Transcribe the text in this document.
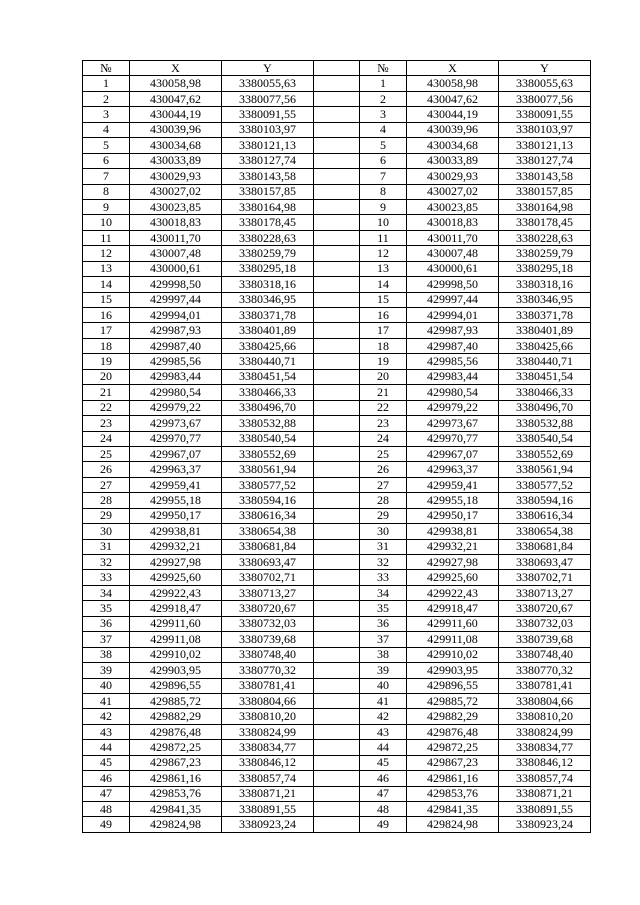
№	X	Y		№	X	Y
1	430058,98	3380055,63		1	430058,98	3380055,63
2	430047,62	3380077,56		2	430047,62	3380077,56
3	430044,19	3380091,55		3	430044,19	3380091,55
4	430039,96	3380103,97		4	430039,96	3380103,97
5	430034,68	3380121,13		5	430034,68	3380121,13
6	430033,89	3380127,74		6	430033,89	3380127,74
7	430029,93	3380143,58		7	430029,93	3380143,58
8	430027,02	3380157,85		8	430027,02	3380157,85
9	430023,85	3380164,98		9	430023,85	3380164,98
10	430018,83	3380178,45		10	430018,83	3380178,45
11	430011,70	3380228,63		11	430011,70	3380228,63
12	430007,48	3380259,79		12	430007,48	3380259,79
13	430000,61	3380295,18		13	430000,61	3380295,18
14	429998,50	3380318,16		14	429998,50	3380318,16
15	429997,44	3380346,95		15	429997,44	3380346,95
16	429994,01	3380371,78		16	429994,01	3380371,78
17	429987,93	3380401,89		17	429987,93	3380401,89
18	429987,40	3380425,66		18	429987,40	3380425,66
19	429985,56	3380440,71		19	429985,56	3380440,71
20	429983,44	3380451,54		20	429983,44	3380451,54
21	429980,54	3380466,33		21	429980,54	3380466,33
22	429979,22	3380496,70		22	429979,22	3380496,70
23	429973,67	3380532,88		23	429973,67	3380532,88
24	429970,77	3380540,54		24	429970,77	3380540,54
25	429967,07	3380552,69		25	429967,07	3380552,69
26	429963,37	3380561,94		26	429963,37	3380561,94
27	429959,41	3380577,52		27	429959,41	3380577,52
28	429955,18	3380594,16		28	429955,18	3380594,16
29	429950,17	3380616,34		29	429950,17	3380616,34
30	429938,81	3380654,38		30	429938,81	3380654,38
31	429932,21	3380681,84		31	429932,21	3380681,84
32	429927,98	3380693,47		32	429927,98	3380693,47
33	429925,60	3380702,71		33	429925,60	3380702,71
34	429922,43	3380713,27		34	429922,43	3380713,27
35	429918,47	3380720,67		35	429918,47	3380720,67
36	429911,60	3380732,03		36	429911,60	3380732,03
37	429911,08	3380739,68		37	429911,08	3380739,68
38	429910,02	3380748,40		38	429910,02	3380748,40
39	429903,95	3380770,32		39	429903,95	3380770,32
40	429896,55	3380781,41		40	429896,55	3380781,41
41	429885,72	3380804,66		41	429885,72	3380804,66
42	429882,29	3380810,20		42	429882,29	3380810,20
43	429876,48	3380824,99		43	429876,48	3380824,99
44	429872,25	3380834,77		44	429872,25	3380834,77
45	429867,23	3380846,12		45	429867,23	3380846,12
46	429861,16	3380857,74		46	429861,16	3380857,74
47	429853,76	3380871,21		47	429853,76	3380871,21
48	429841,35	3380891,55		48	429841,35	3380891,55
49	429824,98	3380923,24		49	429824,98	3380923,24
